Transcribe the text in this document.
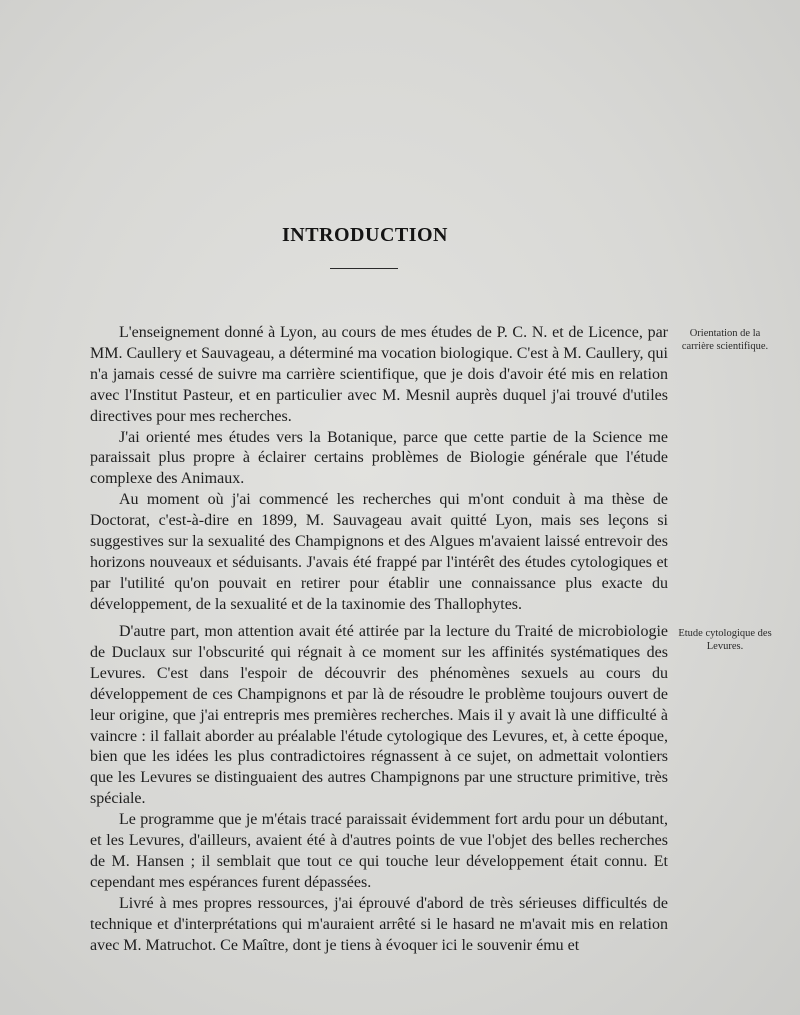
INTRODUCTION

L'enseignement donné à Lyon, au cours de mes études de P. C. N. et de Licence, par MM. Caullery et Sauvageau, a déterminé ma vocation biologique. C'est à M. Caullery, qui n'a jamais cessé de suivre ma carrière scientifique, que je dois d'avoir été mis en relation avec l'Institut Pasteur, et en particulier avec M. Mesnil auprès duquel j'ai trouvé d'utiles directives pour mes recherches.

J'ai orienté mes études vers la Botanique, parce que cette partie de la Science me paraissait plus propre à éclairer certains problèmes de Biologie générale que l'étude complexe des Animaux.

Au moment où j'ai commencé les recherches qui m'ont conduit à ma thèse de Doctorat, c'est-à-dire en 1899, M. Sauvageau avait quitté Lyon, mais ses leçons si suggestives sur la sexualité des Champignons et des Algues m'avaient laissé entrevoir des horizons nouveaux et séduisants. J'avais été frappé par l'intérêt des études cytologiques et par l'utilité qu'on pouvait en retirer pour établir une connaissance plus exacte du développement, de la sexualité et de la taxinomie des Thallophytes.

Orientation de la carrière scientifique.

D'autre part, mon attention avait été attirée par la lecture du Traité de microbiologie de Duclaux sur l'obscurité qui régnait à ce moment sur les affinités systématiques des Levures. C'est dans l'espoir de découvrir des phénomènes sexuels au cours du développement de ces Champignons et par là de résoudre le problème toujours ouvert de leur origine, que j'ai entrepris mes premières recherches. Mais il y avait là une difficulté à vaincre : il fallait aborder au préalable l'étude cytologique des Levures, et, à cette époque, bien que les idées les plus contradictoires régnassent à ce sujet, on admettait volontiers que les Levures se distinguaient des autres Champignons par une structure primitive, très spéciale.

Le programme que je m'étais tracé paraissait évidemment fort ardu pour un débutant, et les Levures, d'ailleurs, avaient été à d'autres points de vue l'objet des belles recherches de M. Hansen ; il semblait que tout ce qui touche leur développement était connu. Et cependant mes espérances furent dépassées.

Livré à mes propres ressources, j'ai éprouvé d'abord de très sérieuses difficultés de technique et d'interprétations qui m'auraient arrêté si le hasard ne m'avait mis en relation avec M. Matruchot. Ce Maître, dont je tiens à évoquer ici le souvenir ému et

Etude cytologique des Levures.
